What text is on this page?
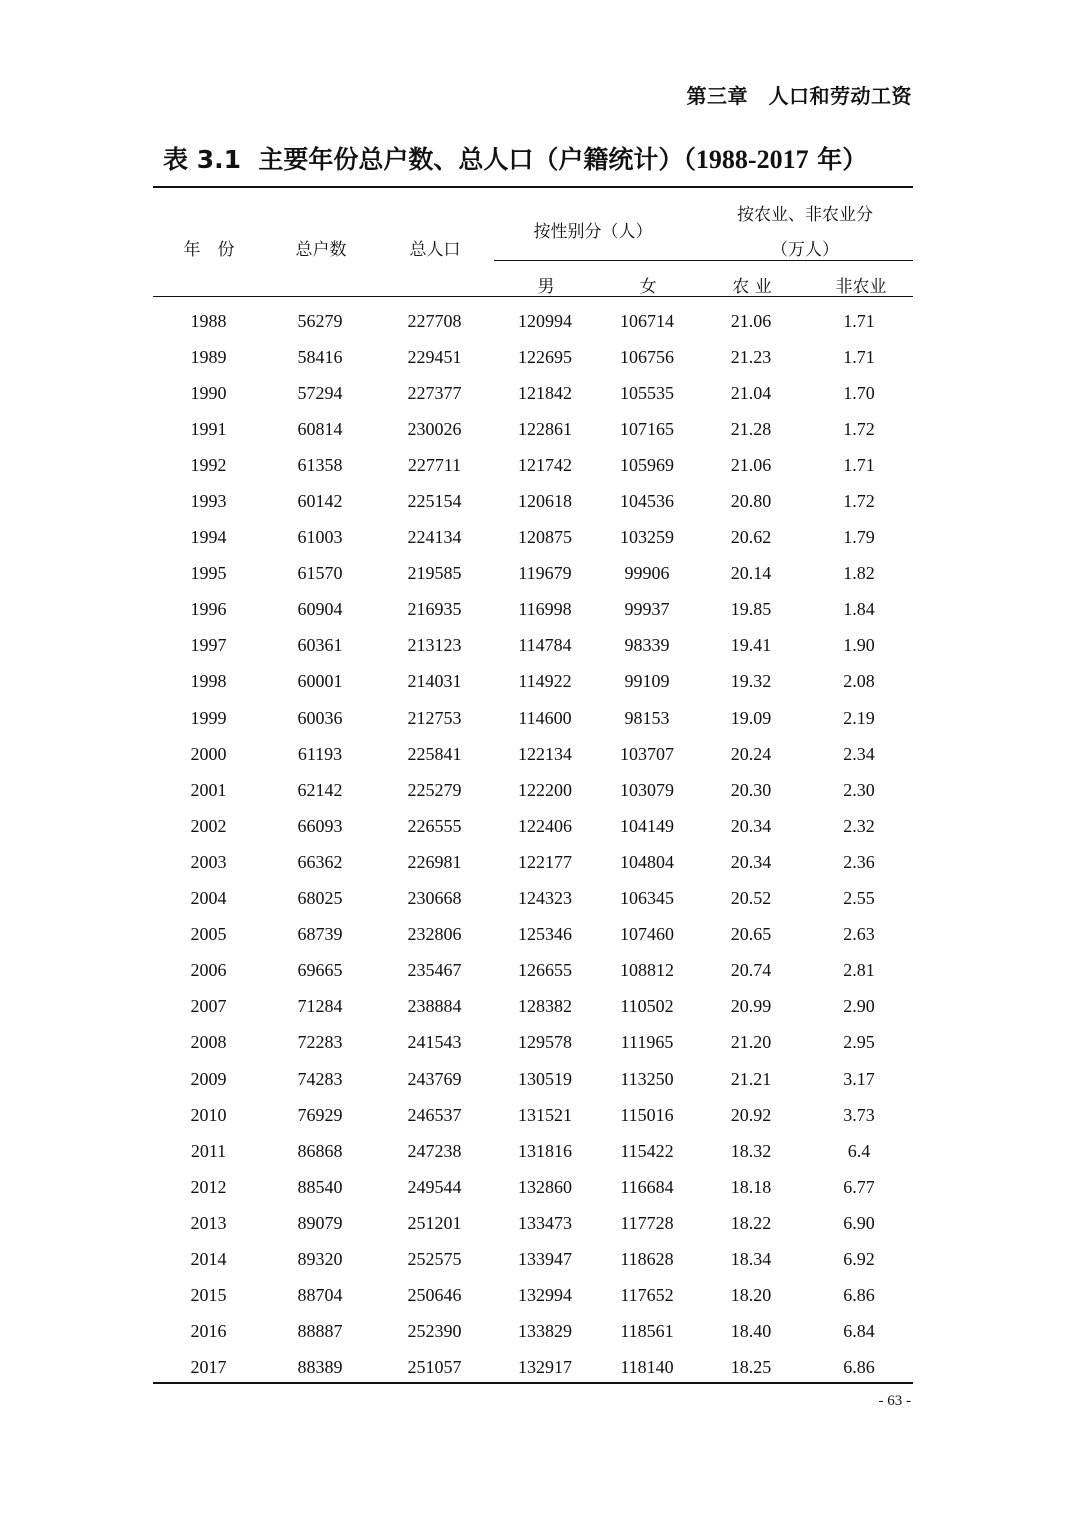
第三章　人口和劳动工资
表 3.1  主要年份总户数、总人口（户籍统计）（1988-2017 年）
年　份	总户数	总人口
按性别分（人）
按农业、非农业分
（万人）
男	女	农 业	非农业
1988	56279	227708	120994	106714	21.06	1.71
1989	58416	229451	122695	106756	21.23	1.71
1990	57294	227377	121842	105535	21.04	1.70
1991	60814	230026	122861	107165	21.28	1.72
1992	61358	227711	121742	105969	21.06	1.71
1993	60142	225154	120618	104536	20.80	1.72
1994	61003	224134	120875	103259	20.62	1.79
1995	61570	219585	119679	99906	20.14	1.82
1996	60904	216935	116998	99937	19.85	1.84
1997	60361	213123	114784	98339	19.41	1.90
1998	60001	214031	114922	99109	19.32	2.08
1999	60036	212753	114600	98153	19.09	2.19
2000	61193	225841	122134	103707	20.24	2.34
2001	62142	225279	122200	103079	20.30	2.30
2002	66093	226555	122406	104149	20.34	2.32
2003	66362	226981	122177	104804	20.34	2.36
2004	68025	230668	124323	106345	20.52	2.55
2005	68739	232806	125346	107460	20.65	2.63
2006	69665	235467	126655	108812	20.74	2.81
2007	71284	238884	128382	110502	20.99	2.90
2008	72283	241543	129578	111965	21.20	2.95
2009	74283	243769	130519	113250	21.21	3.17
2010	76929	246537	131521	115016	20.92	3.73
2011	86868	247238	131816	115422	18.32	6.4
2012	88540	249544	132860	116684	18.18	6.77
2013	89079	251201	133473	117728	18.22	6.90
2014	89320	252575	133947	118628	18.34	6.92
2015	88704	250646	132994	117652	18.20	6.86
2016	88887	252390	133829	118561	18.40	6.84
2017	88389	251057	132917	118140	18.25	6.86
- 63 -
